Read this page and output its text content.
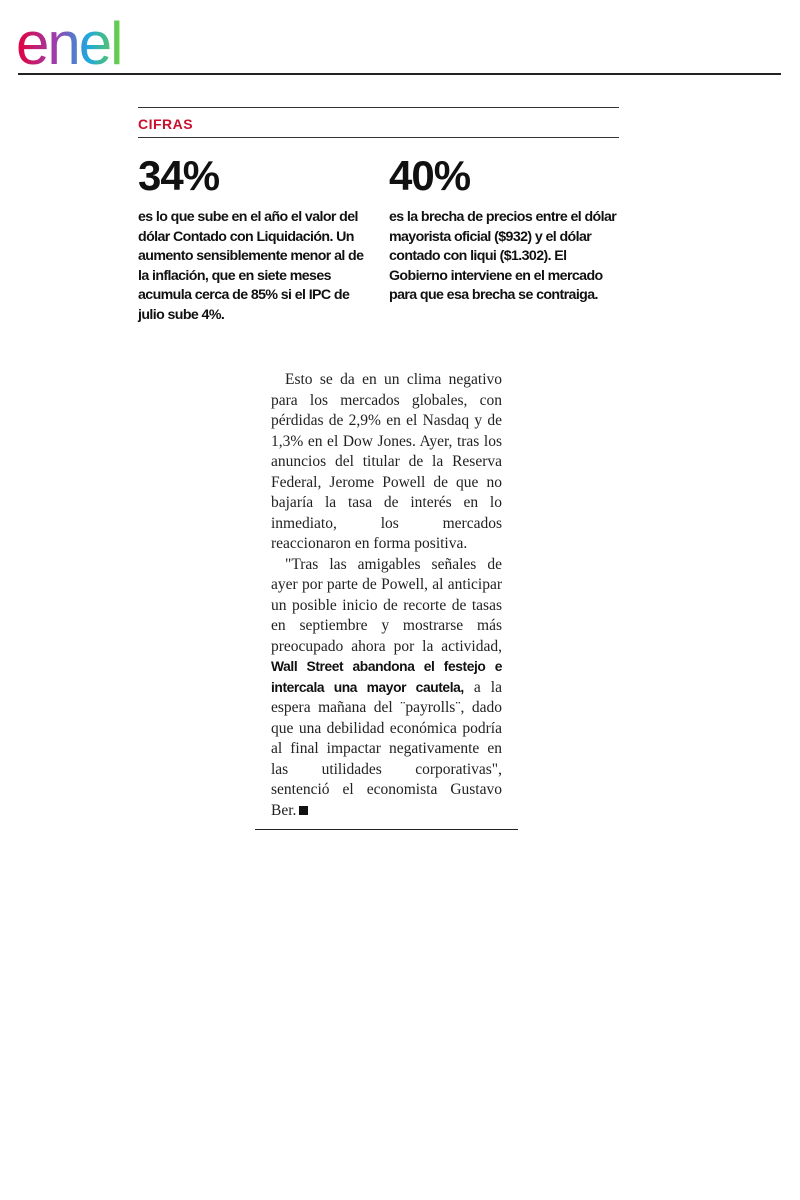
enel
CIFRAS
34%
es lo que sube en el año el valor del dólar Contado con Liquidación. Un aumento sensiblemente menor al de la inflación, que en siete meses acumula cerca de 85% si el IPC de julio sube 4%.
40%
es la brecha de precios entre el dólar mayorista oficial ($932) y el dólar contado con liqui ($1.302). El Gobierno interviene en el mercado para que esa brecha se contraiga.

Esto se da en un clima negativo para los mercados globales, con pérdidas de 2,9% en el Nasdaq y de 1,3% en el Dow Jones. Ayer, tras los anuncios del titular de la Reserva Federal, Jerome Powell de que no bajaría la tasa de interés en lo inmediato, los mercados reaccionaron en forma positiva.

"Tras las amigables señales de ayer por parte de Powell, al anticipar un posible inicio de recorte de tasas en septiembre y mostrarse más preocupado ahora por la actividad, Wall Street abandona el festejo e intercala una mayor cautela, a la espera mañana del ¨payrolls¨, dado que una debilidad económica podría al final impactar negativamente en las utilidades corporativas", sentenció el economista Gustavo Ber.
